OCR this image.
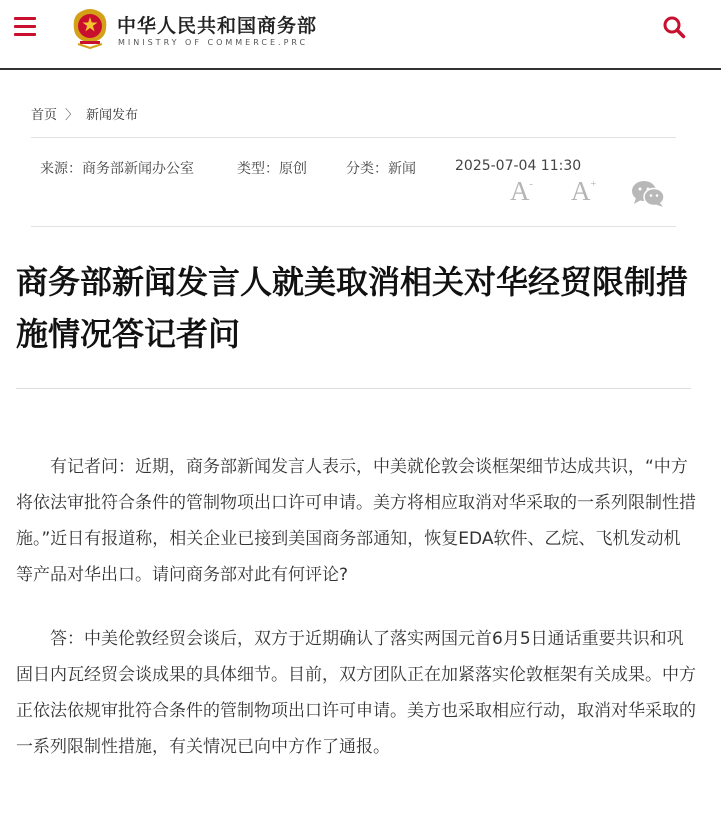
中华人民共和国商务部
MINISTRY OF COMMERCE.PRC
首页 〉 新闻发布
来源：商务部新闻办公室	类型：原创	分类：新闻	2025-07-04 11:30
A- A+
商务部新闻发言人就美取消相关对华经贸限制措施情况答记者问

有记者问：近期，商务部新闻发言人表示，中美就伦敦会谈框架细节达成共识，“中方将依法审批符合条件的管制物项出口许可申请。美方将相应取消对华采取的一系列限制性措施。”近日有报道称，相关企业已接到美国商务部通知，恢复EDA软件、乙烷、飞机发动机等产品对华出口。请问商务部对此有何评论?

答：中美伦敦经贸会谈后，双方于近期确认了落实两国元首6月5日通话重要共识和巩固日内瓦经贸会谈成果的具体细节。目前，双方团队正在加紧落实伦敦框架有关成果。中方正依法依规审批符合条件的管制物项出口许可申请。美方也采取相应行动，取消对华采取的一系列限制性措施，有关情况已向中方作了通报。
